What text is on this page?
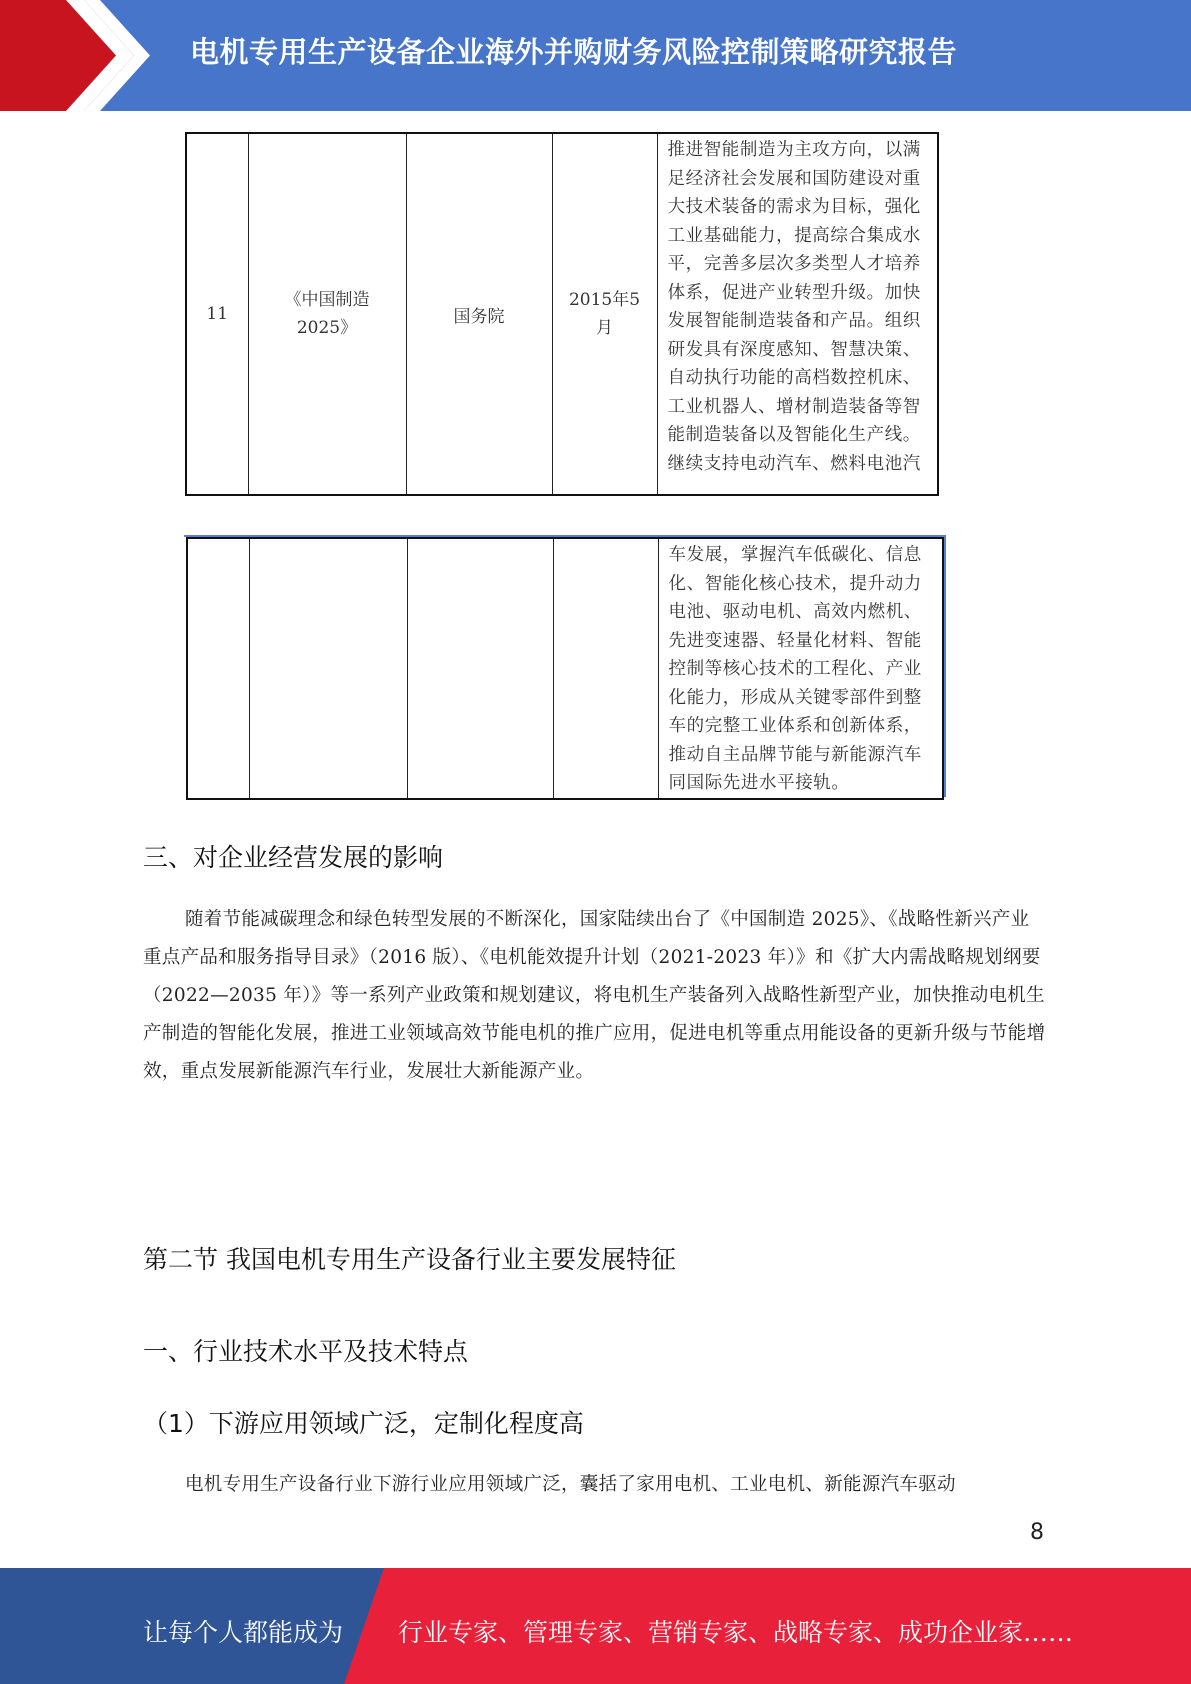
电机专用生产设备企业海外并购财务风险控制策略研究报告
11	《中国制造2025》	国务院	2015年5月	推进智能制造为主攻方向，以满足经济社会发展和国防建设对重大技术装备的需求为目标，强化工业基础能力，提高综合集成水平，完善多层次多类型人才培养体系，促进产业转型升级。加快发展智能制造装备和产品。组织研发具有深度感知、智慧决策、自动执行功能的高档数控机床、工业机器人、增材制造装备等智能制造装备以及智能化生产线。继续支持电动汽车、燃料电池汽
				车发展，掌握汽车低碳化、信息化、智能化核心技术，提升动力电池、驱动电机、高效内燃机、先进变速器、轻量化材料、智能控制等核心技术的工程化、产业化能力，形成从关键零部件到整车的完整工业体系和创新体系，推动自主品牌节能与新能源汽车同国际先进水平接轨。
三、对企业经营发展的影响

随着节能减碳理念和绿色转型发展的不断深化，国家陆续出台了《中国制造 2025》、《战略性新兴产业重点产品和服务指导目录》（2016 版）、《电机能效提升计划（2021-2023 年）》和《扩大内需战略规划纲要（2022—2035 年）》等一系列产业政策和规划建议，将电机生产装备列入战略性新型产业，加快推动电机生产制造的智能化发展，推进工业领域高效节能电机的推广应用，促进电机等重点用能设备的更新升级与节能增效，重点发展新能源汽车行业，发展壮大新能源产业。

第二节 我国电机专用生产设备行业主要发展特征
一、行业技术水平及技术特点
（1）下游应用领域广泛，定制化程度高

电机专用生产设备行业下游行业应用领域广泛，囊括了家用电机、工业电机、新能源汽车驱动

8
让每个人都能成为 行业专家、管理专家、营销专家、战略专家、成功企业家……
